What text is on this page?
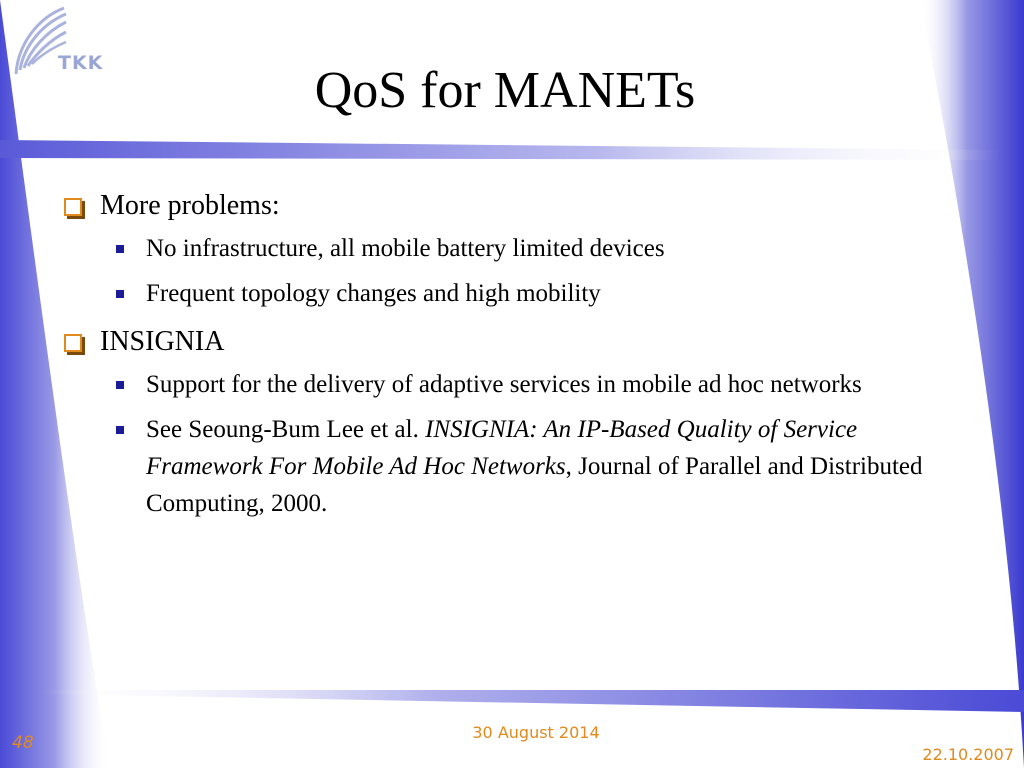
TKK	QoS for MANETs
More problems:
No infrastructure, all mobile battery limited devices
Frequent topology changes and high mobility
INSIGNIA
Support for the delivery of adaptive services in mobile ad hoc networks
See Seoung-Bum Lee et al. INSIGNIA: An IP-Based Quality of Service Framework For Mobile Ad Hoc Networks, Journal of Parallel and Distributed Computing, 2000.
30 August 2014
48
22.10.2007
